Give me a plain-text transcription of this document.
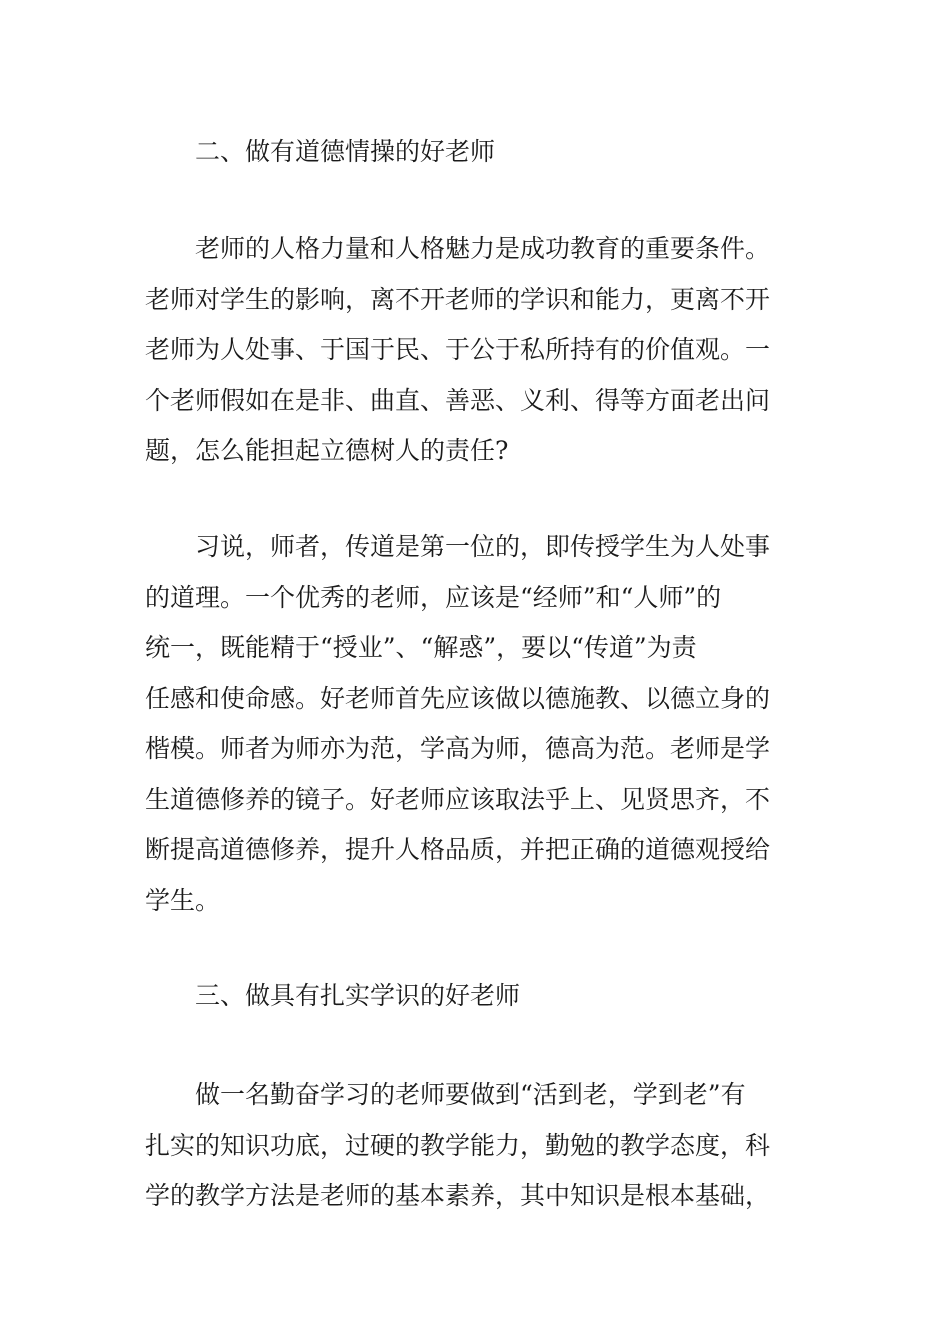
二、做有道德情操的好老师
老师的人格力量和人格魅力是成功教育的重要条件。
老师对学生的影响，离不开老师的学识和能力，更离不开
老师为人处事、于国于民、于公于私所持有的价值观。一
个老师假如在是非、曲直、善恶、义利、得等方面老出问
题，怎么能担起立德树人的责任?
习说，师者，传道是第一位的，即传授学生为人处事
的道理。一个优秀的老师，应该是“经师”和“人师”的
统一，既能精于“授业”、“解惑”，要以“传道”为责
任感和使命感。好老师首先应该做以德施教、以德立身的
楷模。师者为师亦为范，学高为师，德高为范。老师是学
生道德修养的镜子。好老师应该取法乎上、见贤思齐，不
断提高道德修养，提升人格品质，并把正确的道德观授给
学生。
三、做具有扎实学识的好老师
做一名勤奋学习的老师要做到“活到老，学到老”有
扎实的知识功底，过硬的教学能力，勤勉的教学态度，科
学的教学方法是老师的基本素养，其中知识是根本基础，
